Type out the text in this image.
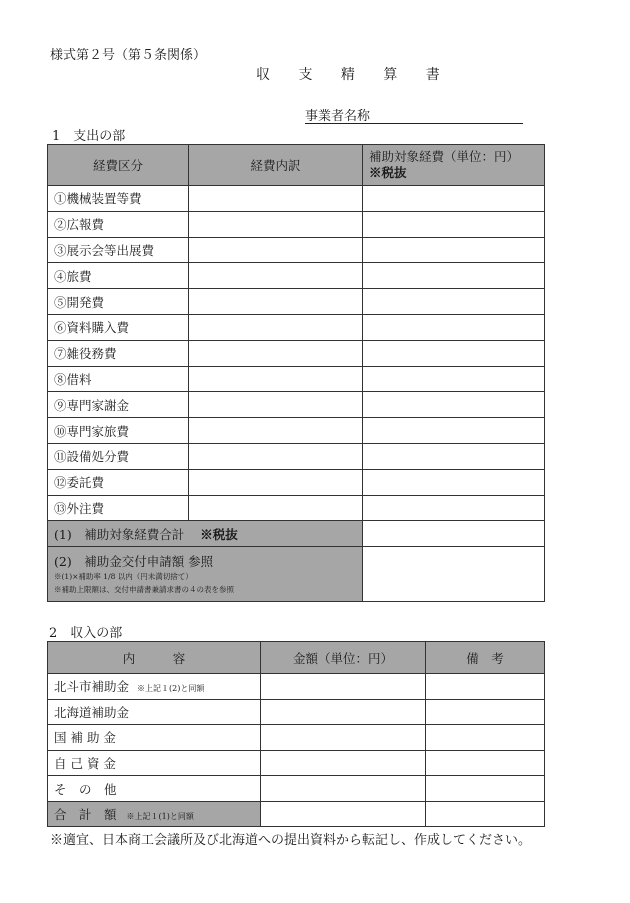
様式第２号（第５条関係）
収 支 精 算 書
事業者名称
1　支出の部
経費区分	経費内訳	補助対象経費（単位：円）
※税抜

①機械装置等費		
②広報費		
③展示会等出展費		
④旅費		
⑤開発費		
⑥資料購入費		
⑦雑役務費		
⑧借料		
⑨専門家謝金		
⑩専門家旅費		
⑪設備処分費		
⑫委託費		
⑬外注費		
(1)　補助対象経費合計 ※税抜		

(2)　補助金交付申請額 参照
※(1)×補助率 1/8 以内（円未満切捨て）
※補助上限額は、交付申請書兼請求書の４の表を参照		

2　収入の部
内　　　容	金額（単位：円）	備　考
北斗市補助金 ※上記１(2)と同額		
北海道補助金		
国 補 助 金		
自 己 資 金		
そ　の　他		
合　計　額 ※上記１(1)と同額		
※適宜、日本商工会議所及び北海道への提出資料から転記し、作成してください。
